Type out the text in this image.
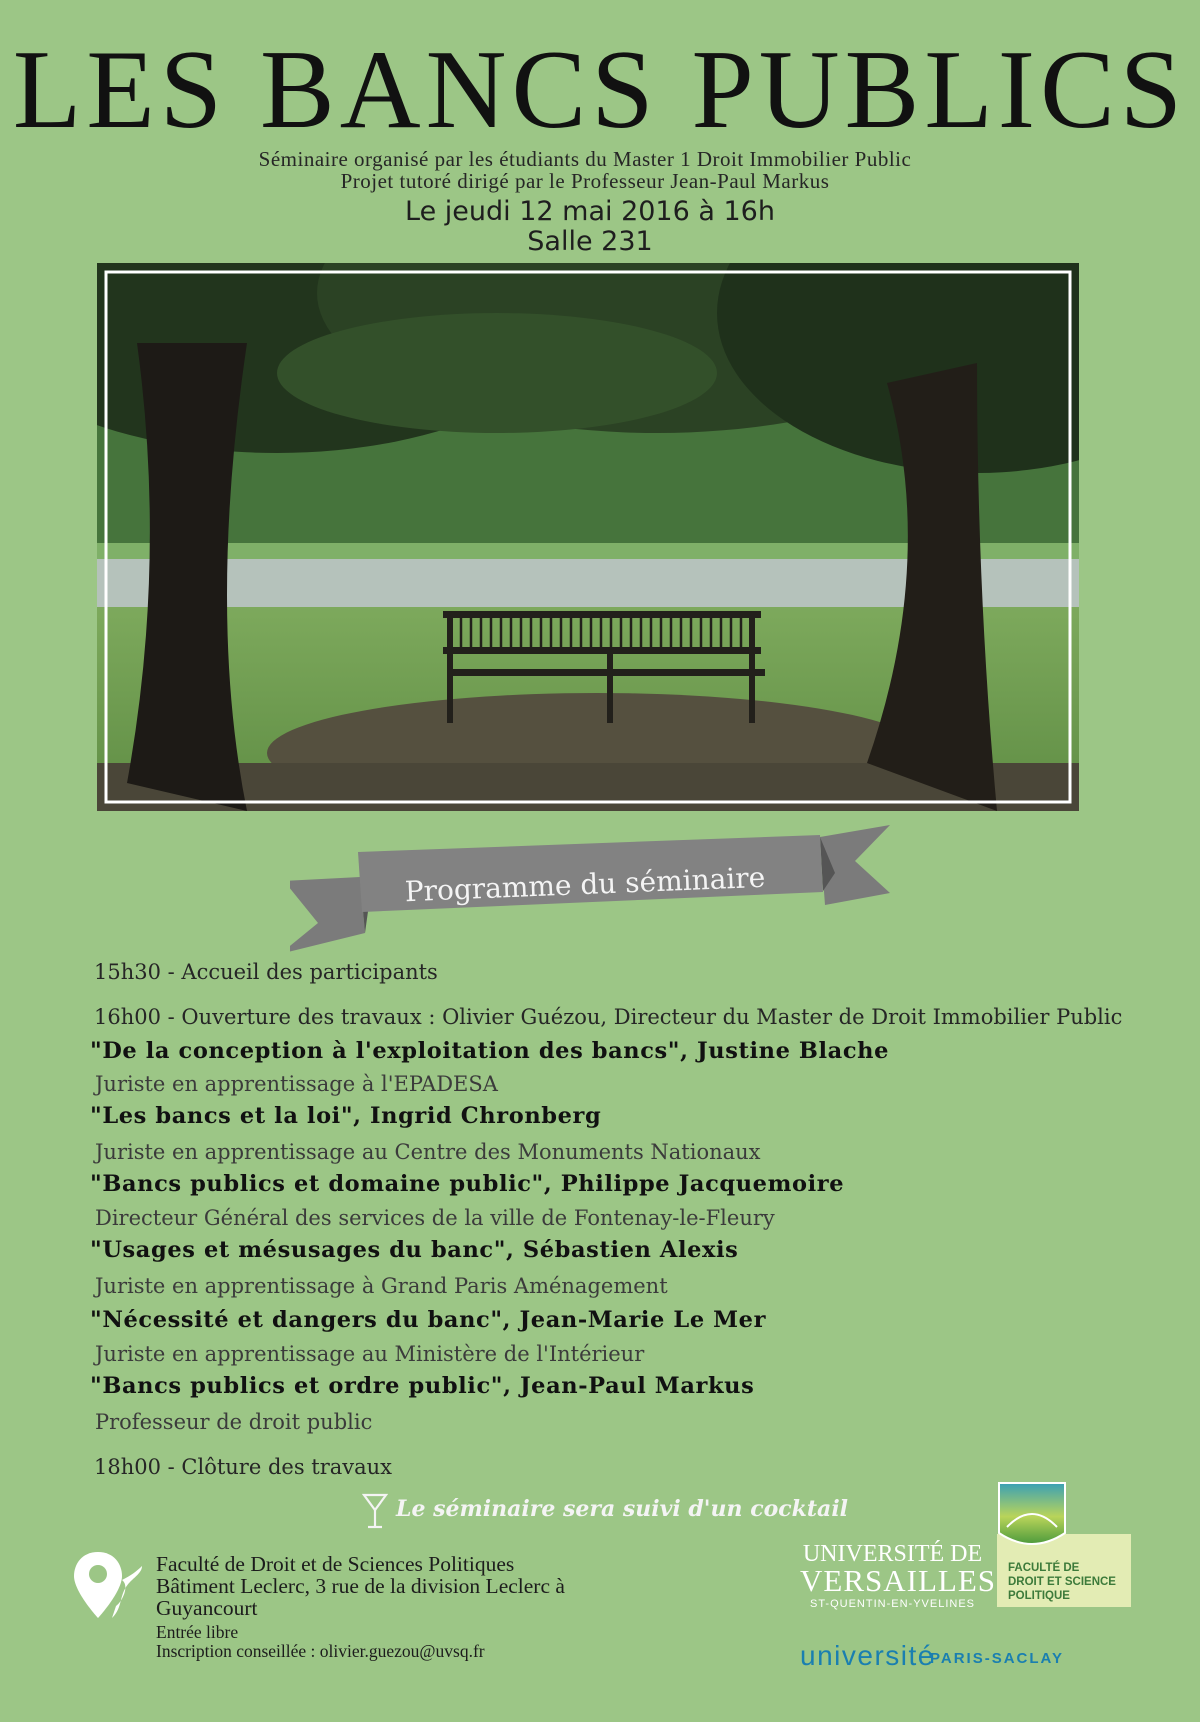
LES BANCS PUBLICS
Séminaire organisé par les étudiants du Master 1 Droit Immobilier Public
Projet tutoré dirigé par le Professeur Jean-Paul Markus
Le jeudi 12 mai 2016 à 16h
Salle 231
Programme du séminaire
15h30 - Accueil des participants
16h00 - Ouverture des travaux : Olivier Guézou, Directeur du Master de Droit Immobilier Public
"De la conception à l'exploitation des bancs", Justine Blache
Juriste en apprentissage à l'EPADESA
"Les bancs et la loi", Ingrid Chronberg
Juriste en apprentissage au Centre des Monuments Nationaux
"Bancs publics et domaine public", Philippe Jacquemoire
Directeur Général des services de la ville de Fontenay-le-Fleury
"Usages et mésusages du banc", Sébastien Alexis
Juriste en apprentissage à Grand Paris Aménagement
"Nécessité et dangers du banc", Jean-Marie Le Mer
Juriste en apprentissage au Ministère de l'Intérieur
"Bancs publics et ordre public", Jean-Paul Markus
Professeur de droit public
18h00 - Clôture des travaux
Le séminaire sera suivi d'un cocktail
Faculté de Droit et de Sciences Politiques
Bâtiment Leclerc, 3 rue de la division Leclerc à
Guyancourt
Entrée libre
Inscription conseillée : olivier.guezou@uvsq.fr
UNIVERSITÉ DE
VERSAILLES
ST-QUENTIN-EN-YVELINES
FACULTÉ DE
DROIT ET SCIENCE
POLITIQUE
université
PARIS-SACLAY
